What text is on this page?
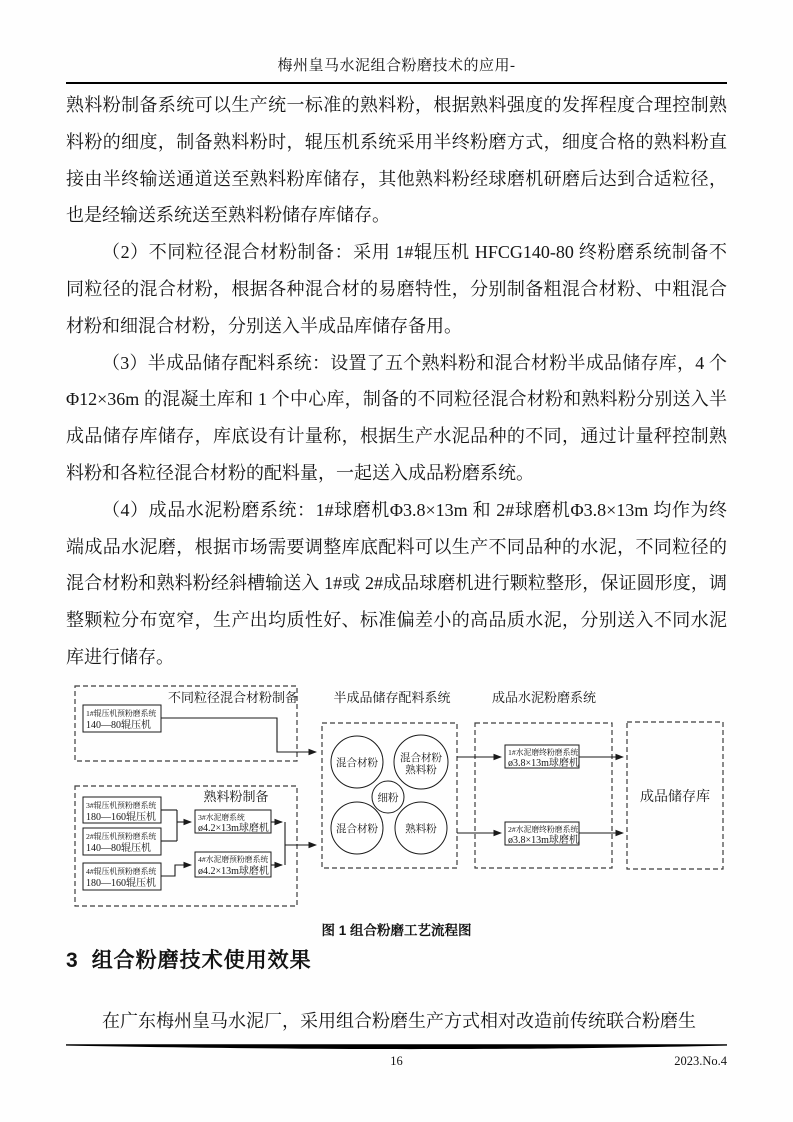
梅州皇马水泥组合粉磨技术的应用-

熟料粉制备系统可以生产统一标准的熟料粉，根据熟料强度的发挥程度合理控制熟料粉的细度，制备熟料粉时，辊压机系统采用半终粉磨方式，细度合格的熟料粉直接由半终输送通道送至熟料粉库储存，其他熟料粉经球磨机研磨后达到合适粒径，也是经输送系统送至熟料粉储存库储存。

（2）不同粒径混合材粉制备：采用 1#辊压机 HFCG140-80 终粉磨系统制备不同粒径的混合材粉，根据各种混合材的易磨特性，分别制备粗混合材粉、中粗混合材粉和细混合材粉，分别送入半成品库储存备用。

（3）半成品储存配料系统：设置了五个熟料粉和混合材粉半成品储存库，4 个Φ12×36m 的混凝土库和 1 个中心库，制备的不同粒径混合材粉和熟料粉分别送入半成品储存库储存，库底设有计量称，根据生产水泥品种的不同，通过计量秤控制熟料粉和各粒径混合材粉的配料量，一起送入成品粉磨系统。

（4）成品水泥粉磨系统：1#球磨机Φ3.8×13m 和 2#球磨机Φ3.8×13m 均作为终端成品水泥磨，根据市场需要调整库底配料可以生产不同品种的水泥，不同粒径的混合材粉和熟料粉经斜槽输送入 1#或 2#成品球磨机进行颗粒整形，保证圆形度，调整颗粒分布宽窄，生产出均质性好、标准偏差小的高品质水泥，分别送入不同水泥库进行储存。

不同粒径混合材粉制备
1#辊压机预粉磨系统
140—80辊压机
熟料粉制备
3#辊压机预粉磨系统
180—160辊压机
2#辊压机预粉磨系统
140—80辊压机
4#辊压机预粉磨系统
180—160辊压机
3#水泥磨系统
ø4.2×13m球磨机
4#水泥磨预粉磨系统
ø4.2×13m球磨机
半成品储存配料系统
混合材粉 混合材粉
熟料粉
细粉
混合材粉	熟料粉
成品水泥粉磨系统
1#水泥磨终粉磨系统
ø3.8×13m球磨机
2#水泥磨终粉磨系统
ø3.8×13m球磨机
成品储存库
图 1 组合粉磨工艺流程图
3 组合粉磨技术使用效果

在广东梅州皇马水泥厂，采用组合粉磨生产方式相对改造前传统联合粉磨生

16	2023.No.4
